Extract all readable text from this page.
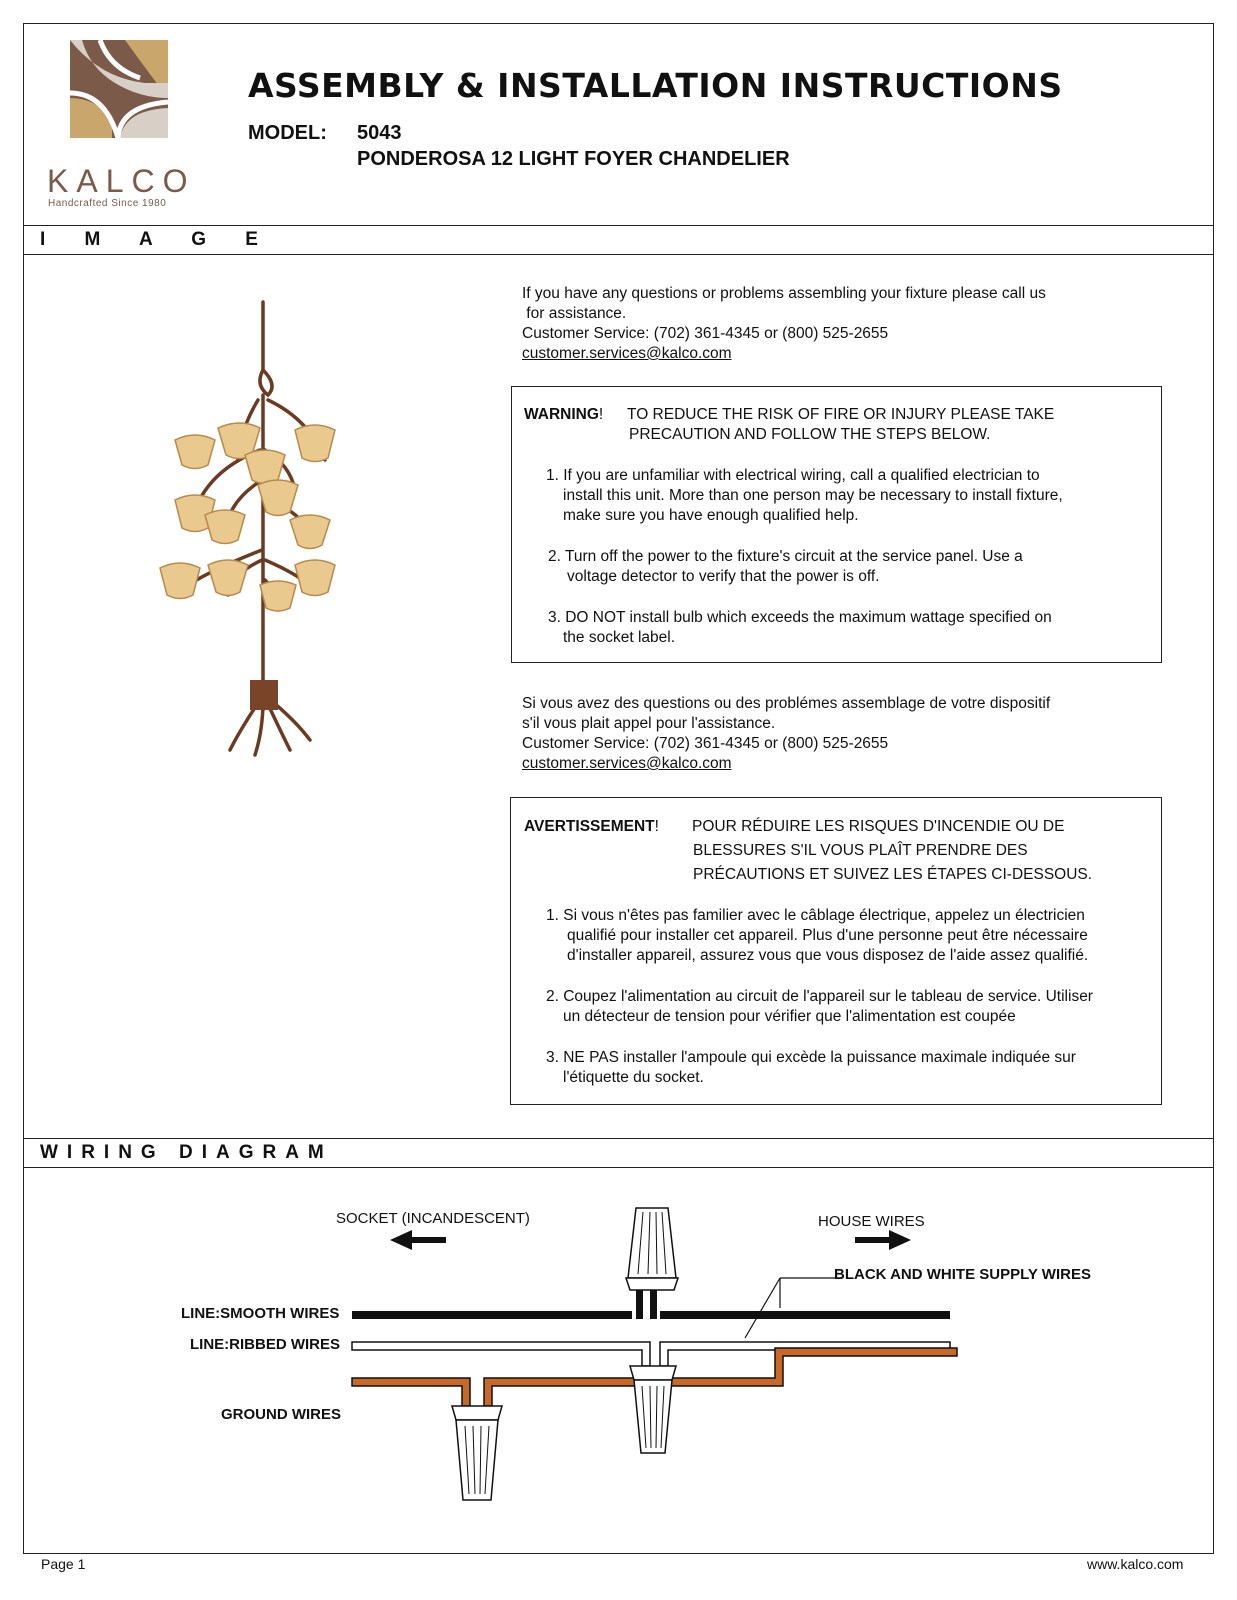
KALCO
Handcrafted Since 1980
ASSEMBLY & INSTALLATION INSTRUCTIONS
MODEL: 5043
PONDEROSA 12 LIGHT FOYER CHANDELIER
I M A G E
WIRING DIAGRAM
If you have any questions or problems assembling your fixture please call us
for assistance.
Customer Service: (702) 361-4345 or (800) 525-2655
customer.services@kalco.com
WARNING! TO REDUCE THE RISK OF FIRE OR INJURY PLEASE TAKE
PRECAUTION AND FOLLOW THE STEPS BELOW.
1. If you are unfamiliar with electrical wiring, call a qualified electrician to
install this unit. More than one person may be necessary to install fixture,
make sure you have enough qualified help.
2. Turn off the power to the fixture's circuit at the service panel. Use a
voltage detector to verify that the power is off.
3. DO NOT install bulb which exceeds the maximum wattage specified on
the socket label.
Si vous avez des questions ou des problémes assemblage de votre dispositif
s'il vous plait appel pour l'assistance.
Customer Service: (702) 361-4345 or (800) 525-2655
customer.services@kalco.com
AVERTISSEMENT! POUR RÉDUIRE LES RISQUES D'INCENDIE OU DE
BLESSURES S'IL VOUS PLAÎT PRENDRE DES
PRÉCAUTIONS ET SUIVEZ LES ÉTAPES CI-DESSOUS.
1. Si vous n'êtes pas familier avec le câblage électrique, appelez un électricien
qualifié pour installer cet appareil. Plus d'une personne peut être nécessaire
d'installer appareil, assurez vous que vous disposez de l'aide assez qualifié.
2. Coupez l'alimentation au circuit de l'appareil sur le tableau de service. Utiliser
un détecteur de tension pour vérifier que l'alimentation est coupée
3. NE PAS installer l'ampoule qui excède la puissance maximale indiquée sur
l'étiquette du socket.
SOCKET (INCANDESCENT)	HOUSE WIRES
BLACK AND WHITE SUPPLY WIRES
LINE:SMOOTH WIRES
LINE:RIBBED WIRES
GROUND WIRES
Page 1	www.kalco.com
